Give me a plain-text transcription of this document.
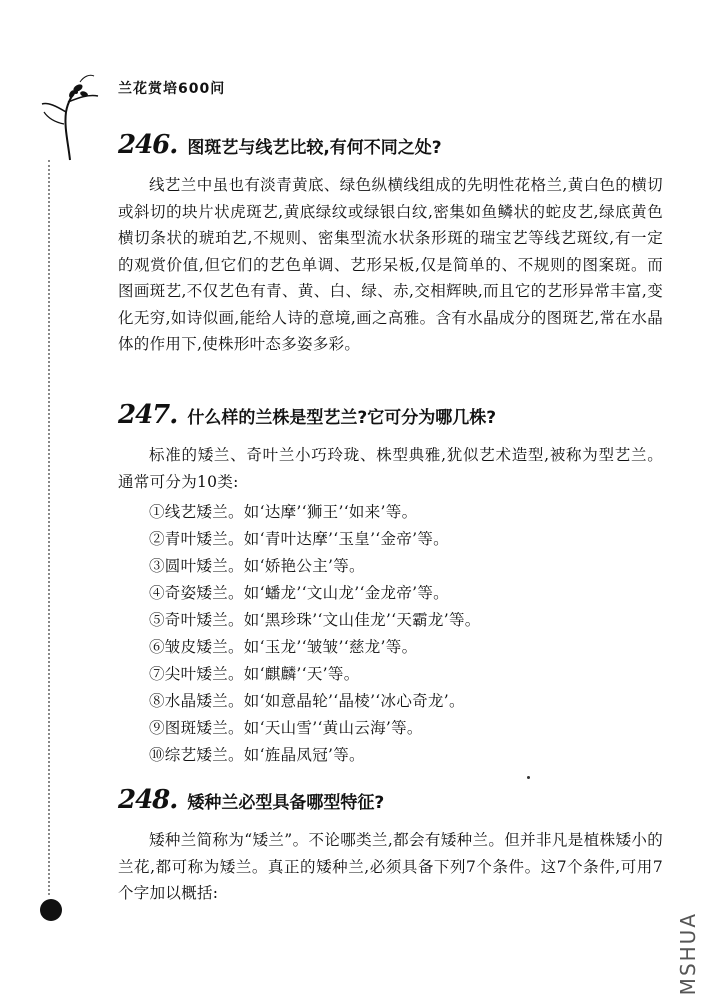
兰花赏培600问
246. 图斑艺与线艺比较,有何不同之处?

线艺兰中虽也有淡青黄底、绿色纵横线组成的先明性花格兰,黄白色的横切或斜切的块片状虎斑艺,黄底绿纹或绿银白纹,密集如鱼鳞状的蛇皮艺,绿底黄色横切条状的琥珀艺,不规则、密集型流水状条形斑的瑞宝艺等线艺斑纹,有一定的观赏价值,但它们的艺色单调、艺形呆板,仅是简单的、不规则的图案斑。而图画斑艺,不仅艺色有青、黄、白、绿、赤,交相辉映,而且它的艺形异常丰富,变化无穷,如诗似画,能给人诗的意境,画之高雅。含有水晶成分的图斑艺,常在水晶体的作用下,使株形叶态多姿多彩。

247. 什么样的兰株是型艺兰?它可分为哪几株?

标准的矮兰、奇叶兰小巧玲珑、株型典雅,犹似艺术造型,被称为型艺兰。通常可分为10类:

①线艺矮兰。如‘达摩’‘狮王’‘如来’等。
②青叶矮兰。如‘青叶达摩’‘玉皇’‘金帝’等。
③圆叶矮兰。如‘娇艳公主’等。
④奇姿矮兰。如‘蟠龙’‘文山龙’‘金龙帝’等。
⑤奇叶矮兰。如‘黑珍珠’‘文山佳龙’‘天霸龙’等。
⑥皱皮矮兰。如‘玉龙’‘皱皱’‘慈龙’等。
⑦尖叶矮兰。如‘麒麟’‘天’等。
⑧水晶矮兰。如‘如意晶轮’‘晶棱’‘冰心奇龙’。
⑨图斑矮兰。如‘天山雪’‘黄山云海’等。
⑩综艺矮兰。如‘旌晶凤冠’等。
248. 矮种兰必型具备哪型特征?

矮种兰简称为“矮兰”。不论哪类兰,都会有矮种兰。但并非凡是植株矮小的兰花,都可称为矮兰。真正的矮种兰,必须具备下列7个条件。这7个条件,可用7个字加以概括:

MSHUA
